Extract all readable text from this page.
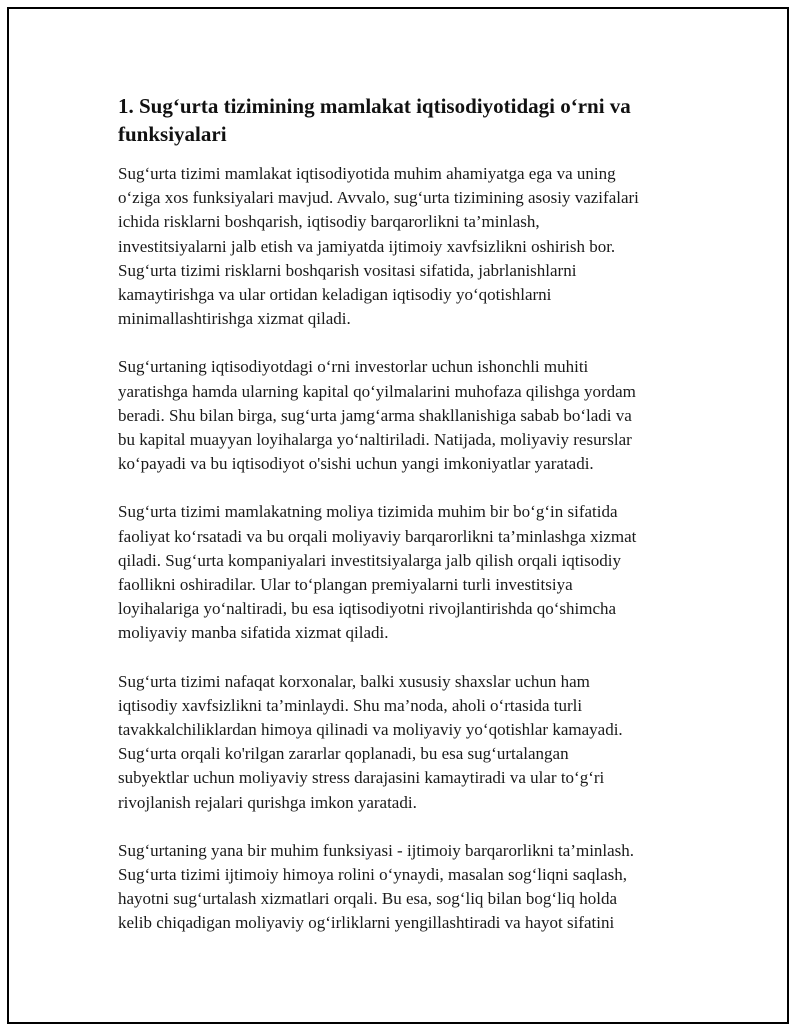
1. Sug‘urta tizimining mamlakat iqtisodiyotidagi o‘rni va
funksiyalari

Sug‘urta tizimi mamlakat iqtisodiyotida muhim ahamiyatga ega va uning
o‘ziga xos funksiyalari mavjud. Avvalo, sug‘urta tizimining asosiy vazifalari
ichida risklarni boshqarish, iqtisodiy barqarorlikni ta’minlash,
investitsiyalarni jalb etish va jamiyatda ijtimoiy xavfsizlikni oshirish bor.
Sug‘urta tizimi risklarni boshqarish vositasi sifatida, jabrlanishlarni
kamaytirishga va ular ortidan keladigan iqtisodiy yo‘qotishlarni
minimallashtirishga xizmat qiladi.

Sug‘urtaning iqtisodiyotdagi o‘rni investorlar uchun ishonchli muhiti
yaratishga hamda ularning kapital qo‘yilmalarini muhofaza qilishga yordam
beradi. Shu bilan birga, sug‘urta jamg‘arma shakllanishiga sabab bo‘ladi va
bu kapital muayyan loyihalarga yo‘naltiriladi. Natijada, moliyaviy resurslar
ko‘payadi va bu iqtisodiyot o'sishi uchun yangi imkoniyatlar yaratadi.

Sug‘urta tizimi mamlakatning moliya tizimida muhim bir bo‘g‘in sifatida
faoliyat ko‘rsatadi va bu orqali moliyaviy barqarorlikni ta’minlashga xizmat
qiladi. Sug‘urta kompaniyalari investitsiyalarga jalb qilish orqali iqtisodiy
faollikni oshiradilar. Ular to‘plangan premiyalarni turli investitsiya
loyihalariga yo‘naltiradi, bu esa iqtisodiyotni rivojlantirishda qo‘shimcha
moliyaviy manba sifatida xizmat qiladi.

Sug‘urta tizimi nafaqat korxonalar, balki xususiy shaxslar uchun ham
iqtisodiy xavfsizlikni ta’minlaydi. Shu ma’noda, aholi o‘rtasida turli
tavakkalchiliklardan himoya qilinadi va moliyaviy yo‘qotishlar kamayadi.
Sug‘urta orqali ko'rilgan zararlar qoplanadi, bu esa sug‘urtalangan
subyektlar uchun moliyaviy stress darajasini kamaytiradi va ular to‘g‘ri
rivojlanish rejalari qurishga imkon yaratadi.

Sug‘urtaning yana bir muhim funksiyasi - ijtimoiy barqarorlikni ta’minlash.
Sug‘urta tizimi ijtimoiy himoya rolini o‘ynaydi, masalan sog‘liqni saqlash,
hayotni sug‘urtalash xizmatlari orqali. Bu esa, sog‘liq bilan bog‘liq holda
kelib chiqadigan moliyaviy og‘irliklarni yengillashtiradi va hayot sifatini
